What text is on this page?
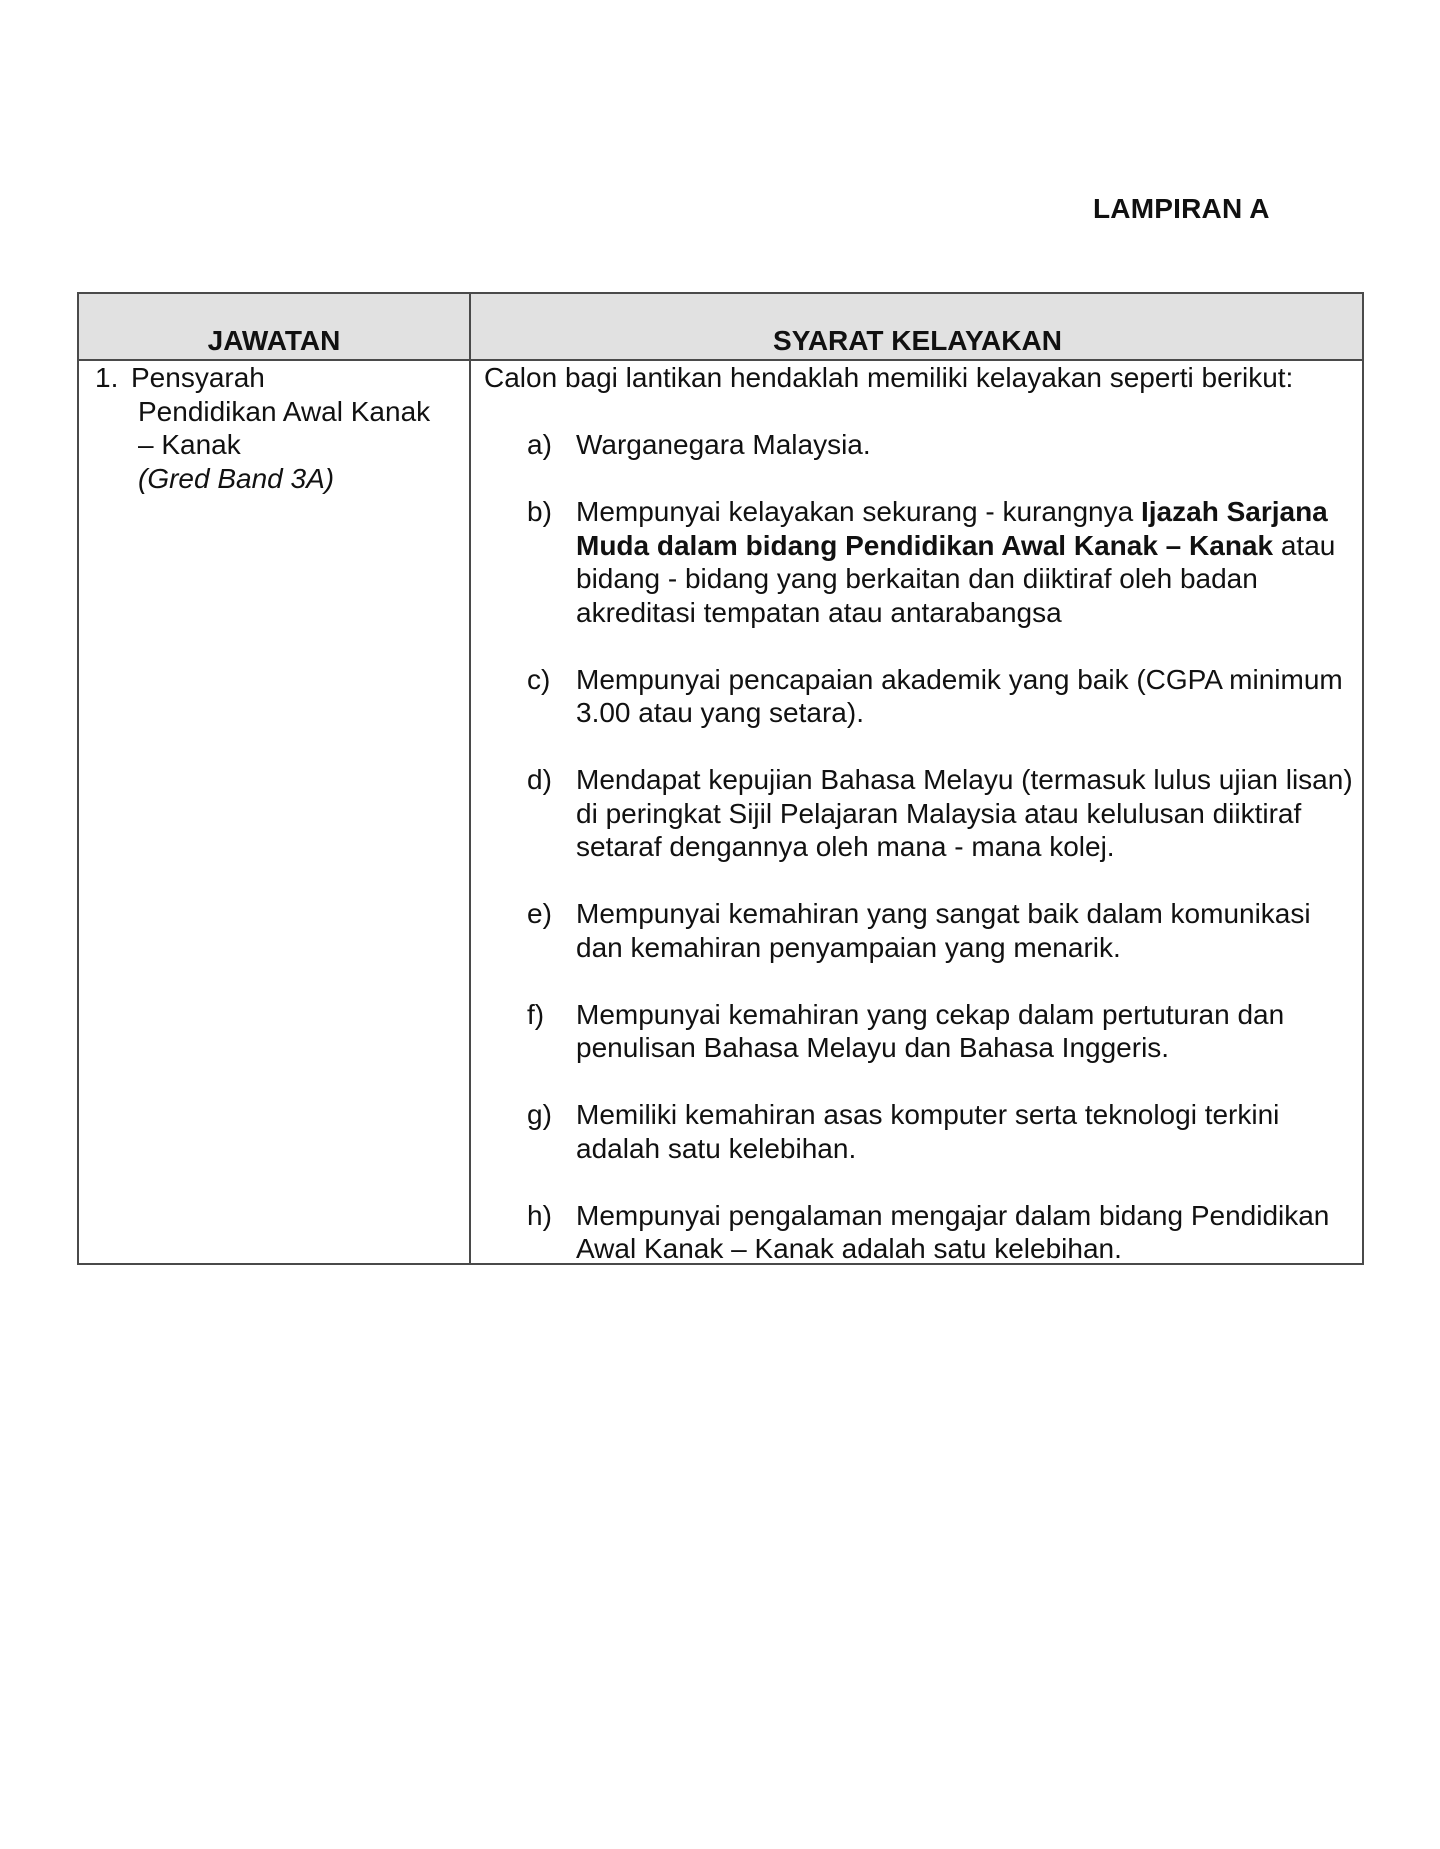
LAMPIRAN A
JAWATAN	SYARAT KELAYAKAN
1. Pensyarah
Pendidikan Awal Kanak
– Kanak
(Gred Band 3A)
Calon bagi lantikan hendaklah memiliki kelayakan seperti berikut:
a) Warganegara Malaysia.
b) Mempunyai kelayakan sekurang - kurangnya Ijazah Sarjana Muda dalam bidang Pendidikan Awal Kanak – Kanak atau bidang - bidang yang berkaitan dan diiktiraf oleh badan akreditasi tempatan atau antarabangsa
c) Mempunyai pencapaian akademik yang baik (CGPA minimum 3.00 atau yang setara).
d) Mendapat kepujian Bahasa Melayu (termasuk lulus ujian lisan) di peringkat Sijil Pelajaran Malaysia atau kelulusan diiktiraf setaraf dengannya oleh mana - mana kolej.
e) Mempunyai kemahiran yang sangat baik dalam komunikasi dan kemahiran penyampaian yang menarik.
f) Mempunyai kemahiran yang cekap dalam pertuturan dan penulisan Bahasa Melayu dan Bahasa Inggeris.
g) Memiliki kemahiran asas komputer serta teknologi terkini adalah satu kelebihan.
h) Mempunyai pengalaman mengajar dalam bidang Pendidikan Awal Kanak – Kanak adalah satu kelebihan.
